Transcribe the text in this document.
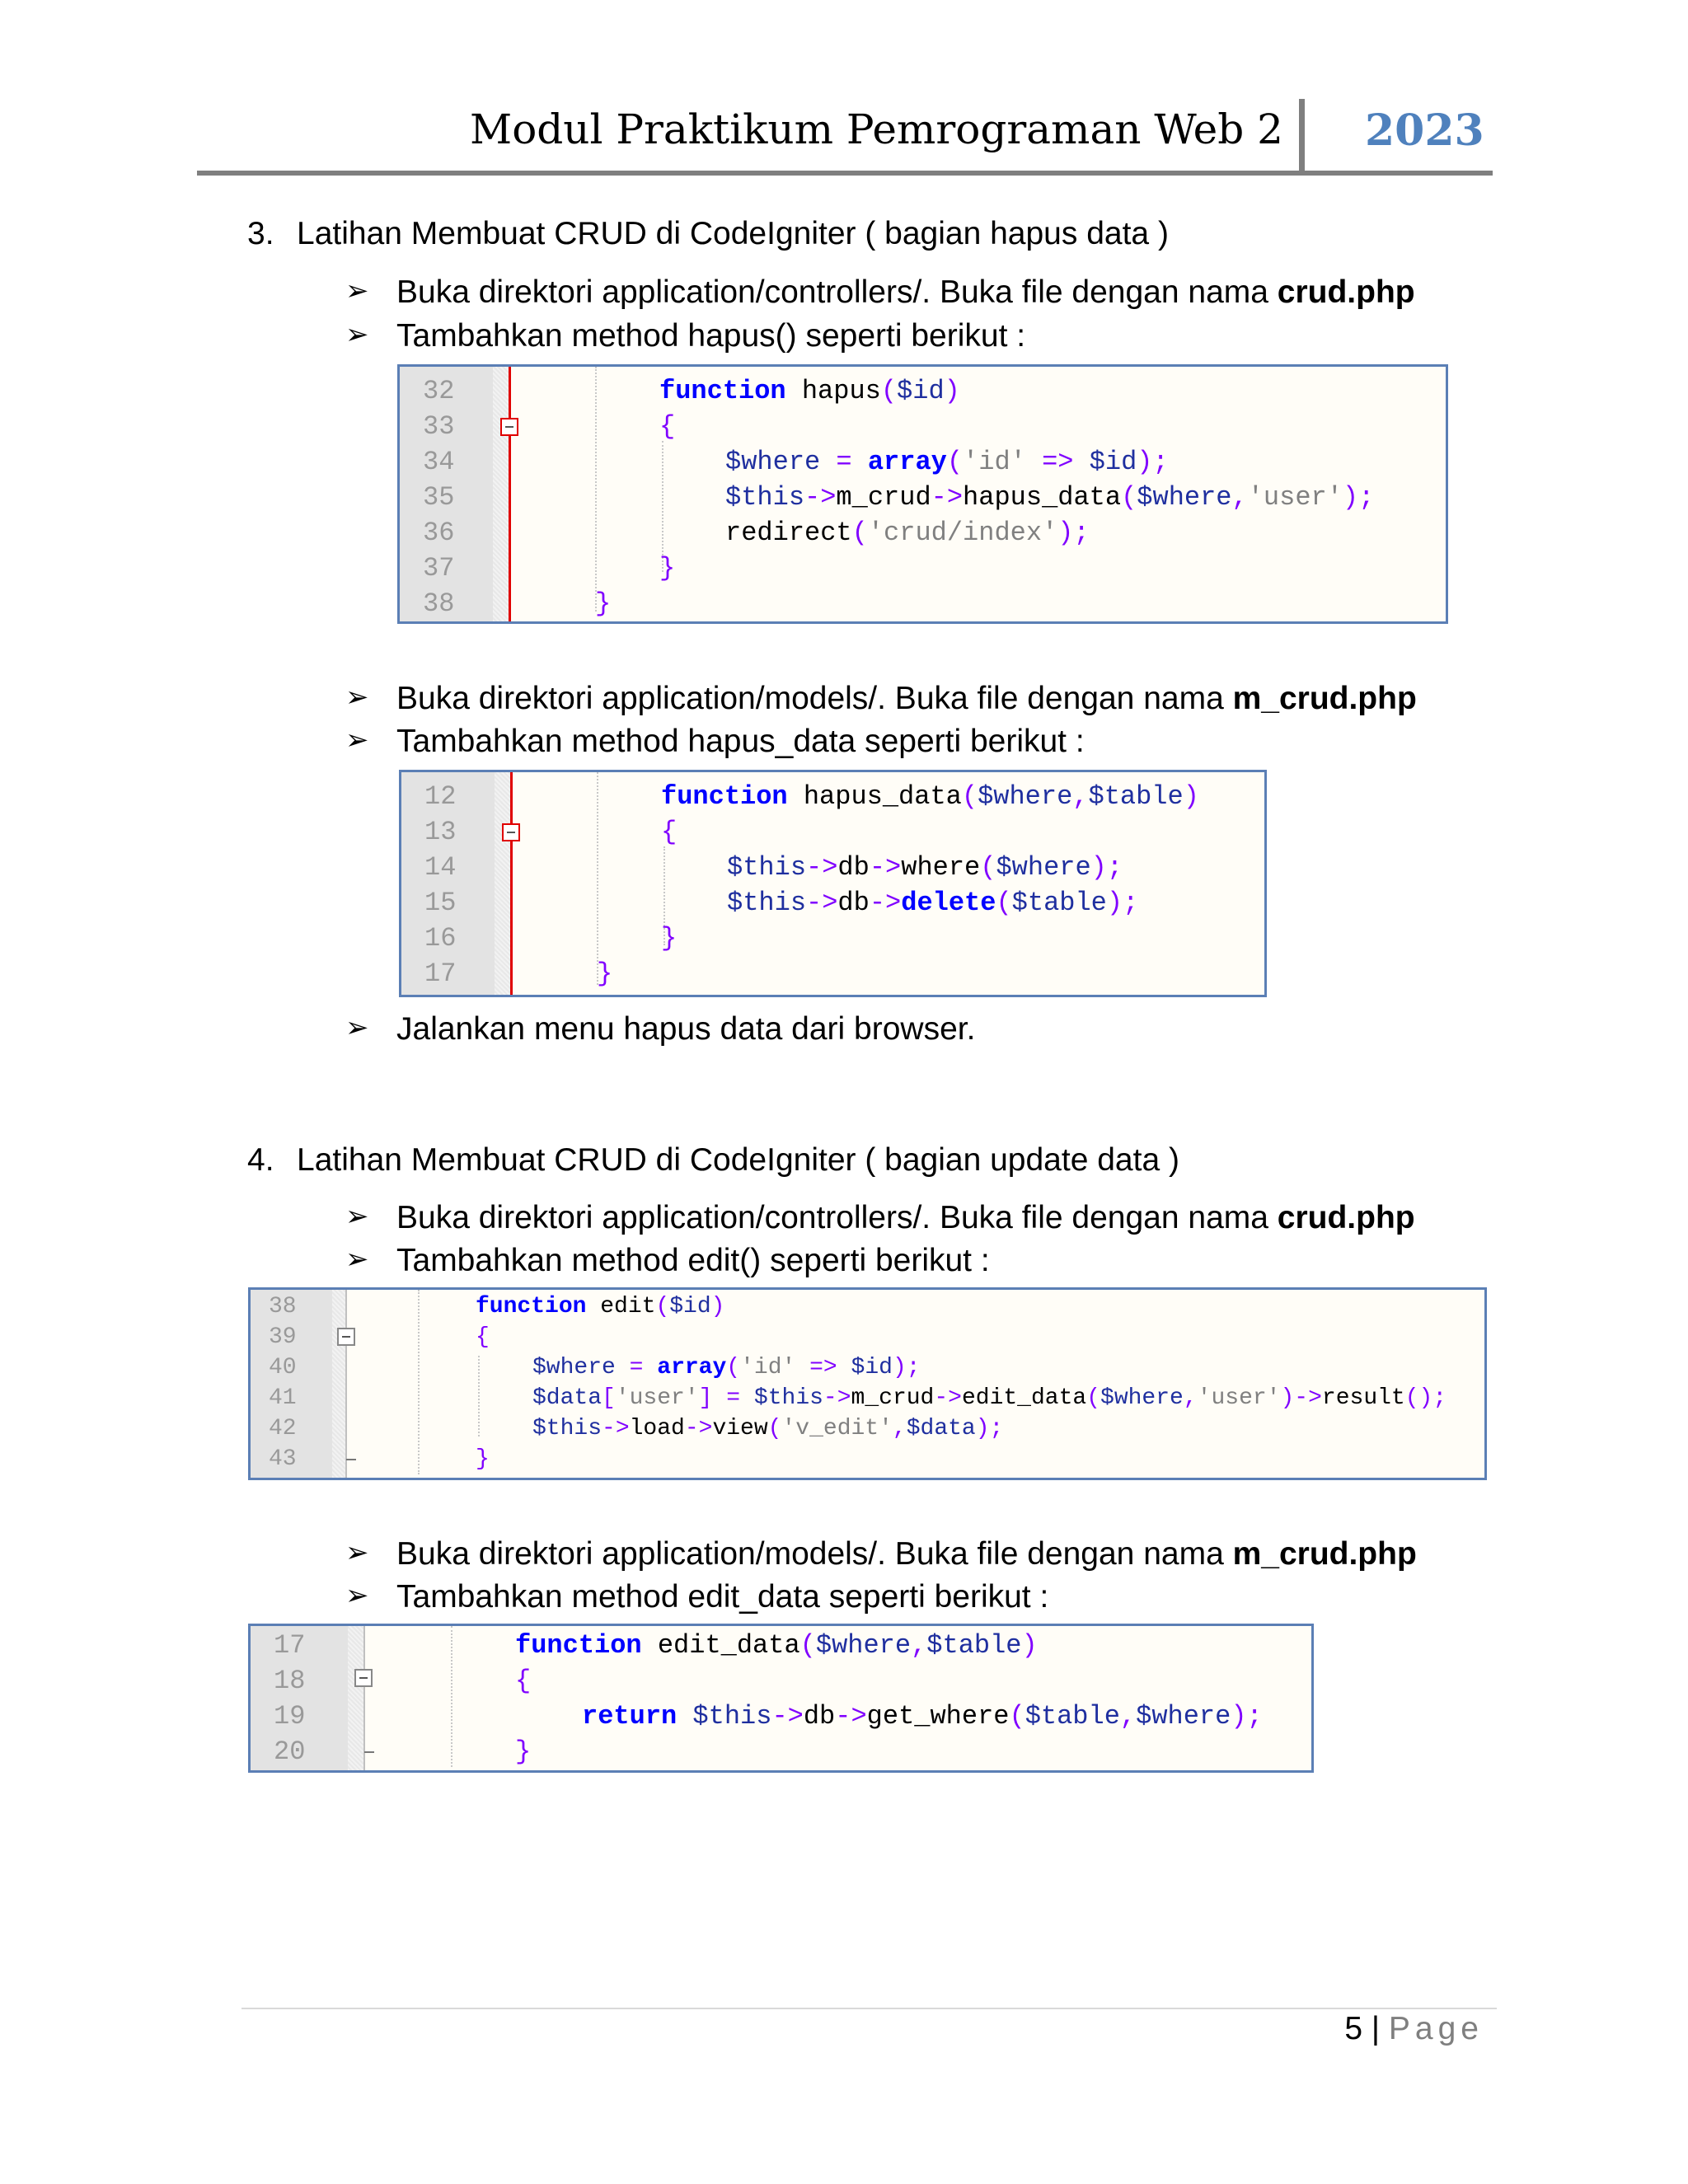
Modul Praktikum Pemrograman Web 2 2023
3. Latihan Membuat CRUD di CodeIgniter ( bagian hapus data )
➢ Buka direktori application/controllers/. Buka file dengan nama crud.php
➢ Tambahkan method hapus() seperti berikut :
32	function hapus($id)
33	{
34	$where = array('id' => $id);
35	$this->m_crud->hapus_data($where,'user');
36	redirect('crud/index');
37	}
38	}
➢ Buka direktori application/models/. Buka file dengan nama m_crud.php
➢ Tambahkan method hapus_data seperti berikut :
12	function hapus_data($where,$table)
13	{
14	$this->db->where($where);
15	$this->db->delete($table);
16	}
17	}
➢ Jalankan menu hapus data dari browser.
4. Latihan Membuat CRUD di CodeIgniter ( bagian update data )
➢ Buka direktori application/controllers/. Buka file dengan nama crud.php
➢ Tambahkan method edit() seperti berikut :
38	function edit($id)
39	{
40	$where = array('id' => $id);
41	$data['user'] = $this->m_crud->edit_data($where,'user')->result();
42	$this->load->view('v_edit',$data);
43	}
➢ Buka direktori application/models/. Buka file dengan nama m_crud.php
➢ Tambahkan method edit_data seperti berikut :
17	function edit_data($where,$table)
18	{
19	return $this->db->get_where($table,$where);
20	}
5 | Page
